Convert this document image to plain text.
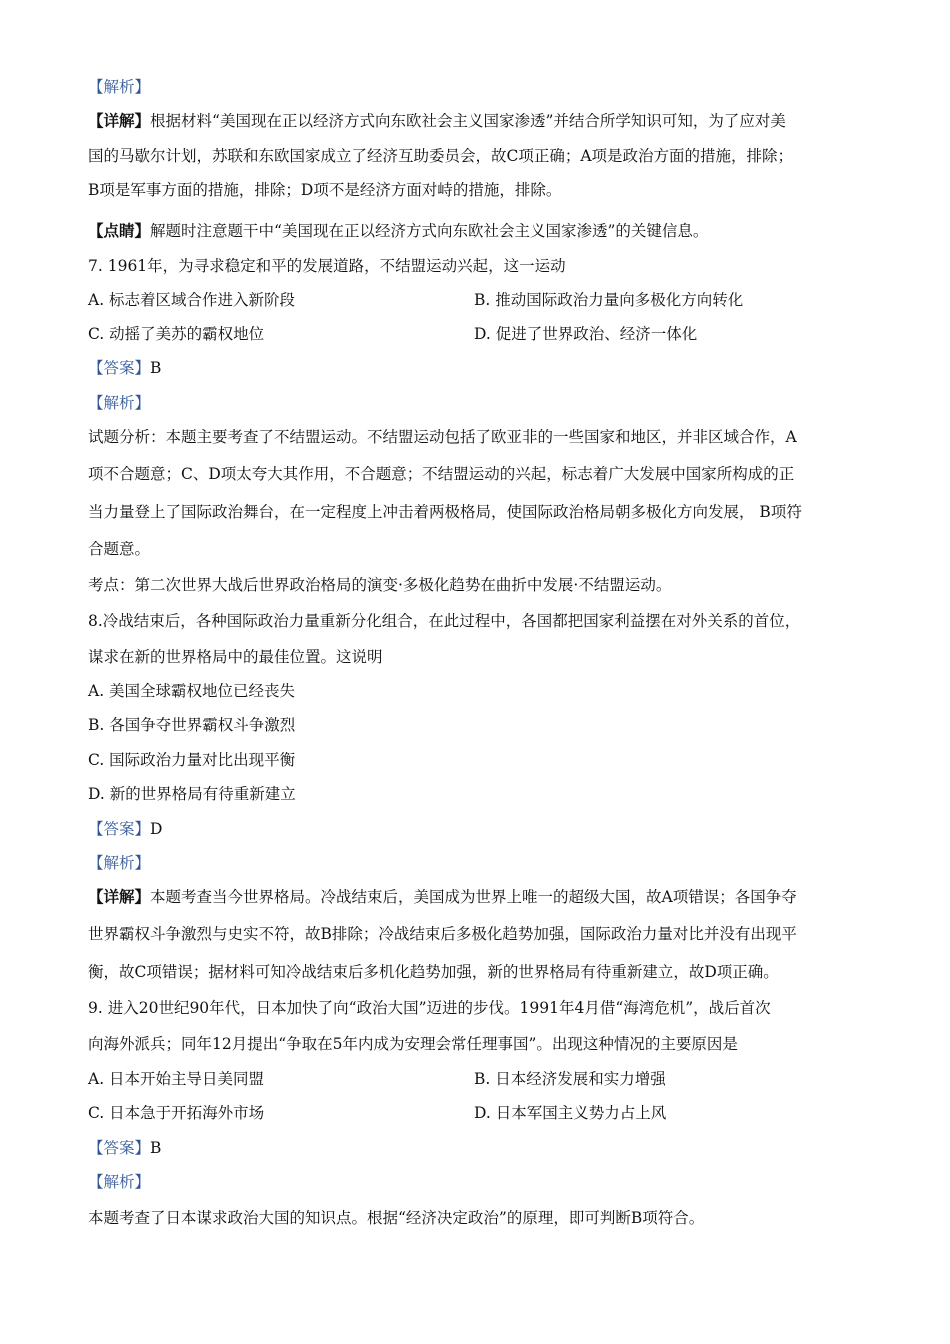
【解析】
【详解】根据材料“美国现在正以经济方式向东欧社会主义国家渗透”并结合所学知识可知，为了应对美
国的马歇尔计划，苏联和东欧国家成立了经济互助委员会，故C项正确；A项是政治方面的措施，排除；
B项是军事方面的措施，排除；D项不是经济方面对峙的措施，排除。
【点睛】解题时注意题干中“美国现在正以经济方式向东欧社会主义国家渗透”的关键信息。
7. 1961年，为寻求稳定和平的发展道路，不结盟运动兴起，这一运动
A. 标志着区域合作进入新阶段	B. 推动国际政治力量向多极化方向转化
C. 动摇了美苏的霸权地位	D. 促进了世界政治、经济一体化
【答案】B
【解析】
试题分析：本题主要考查了不结盟运动。不结盟运动包括了欧亚非的一些国家和地区，并非区域合作，A
项不合题意；C、D项太夸大其作用，不合题意；不结盟运动的兴起，标志着广大发展中国家所构成的正
当力量登上了国际政治舞台，在一定程度上冲击着两极格局，使国际政治格局朝多极化方向发展， B项符
合题意。
考点：第二次世界大战后世界政治格局的演变·多极化趋势在曲折中发展·不结盟运动。
8.冷战结束后，各种国际政治力量重新分化组合，在此过程中，各国都把国家利益摆在对外关系的首位，
谋求在新的世界格局中的最佳位置。这说明
A. 美国全球霸权地位已经丧失
B. 各国争夺世界霸权斗争激烈
C. 国际政治力量对比出现平衡
D. 新的世界格局有待重新建立
【答案】D
【解析】
【详解】本题考查当今世界格局。冷战结束后，美国成为世界上唯一的超级大国，故A项错误；各国争夺
世界霸权斗争激烈与史实不符，故B排除；冷战结束后多极化趋势加强，国际政治力量对比并没有出现平
衡，故C项错误；据材料可知冷战结束后多机化趋势加强，新的世界格局有待重新建立，故D项正确。
9. 进入20世纪90年代，日本加快了向“政治大国”迈进的步伐。1991年4月借“海湾危机”，战后首次
向海外派兵；同年12月提出“争取在5年内成为安理会常任理事国”。出现这种情况的主要原因是
A. 日本开始主导日美同盟	B. 日本经济发展和实力增强
C. 日本急于开拓海外市场	D. 日本军国主义势力占上风
【答案】B
【解析】
本题考查了日本谋求政治大国的知识点。根据“经济决定政治”的原理，即可判断B项符合。
